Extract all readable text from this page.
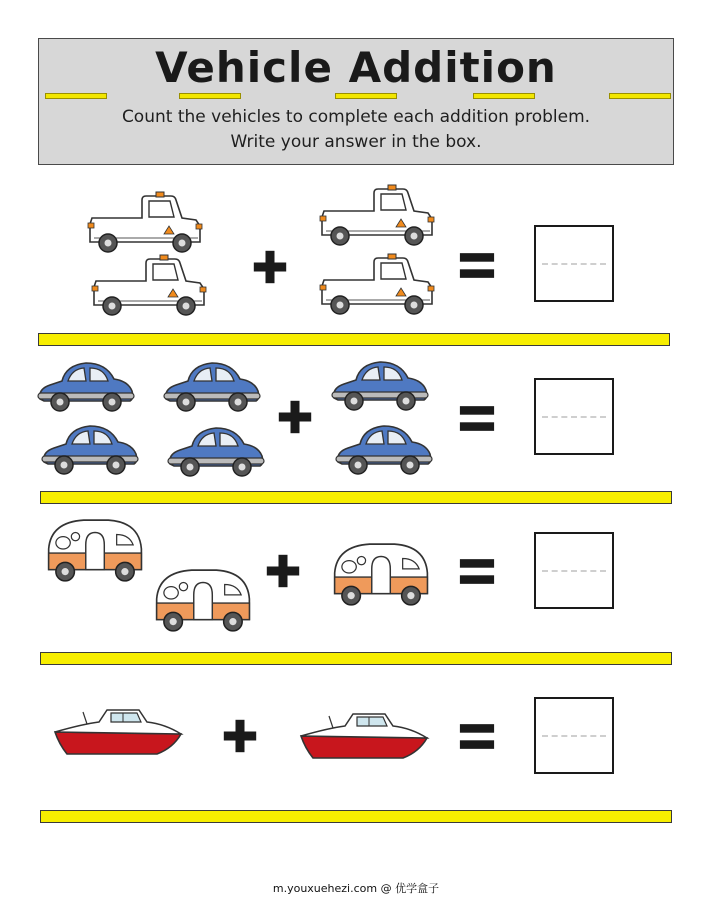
Vehicle Addition
Count the vehicles to complete each addition problem.
Write your answer in the box.
m.youxuehezi.com @ 优学盒子
